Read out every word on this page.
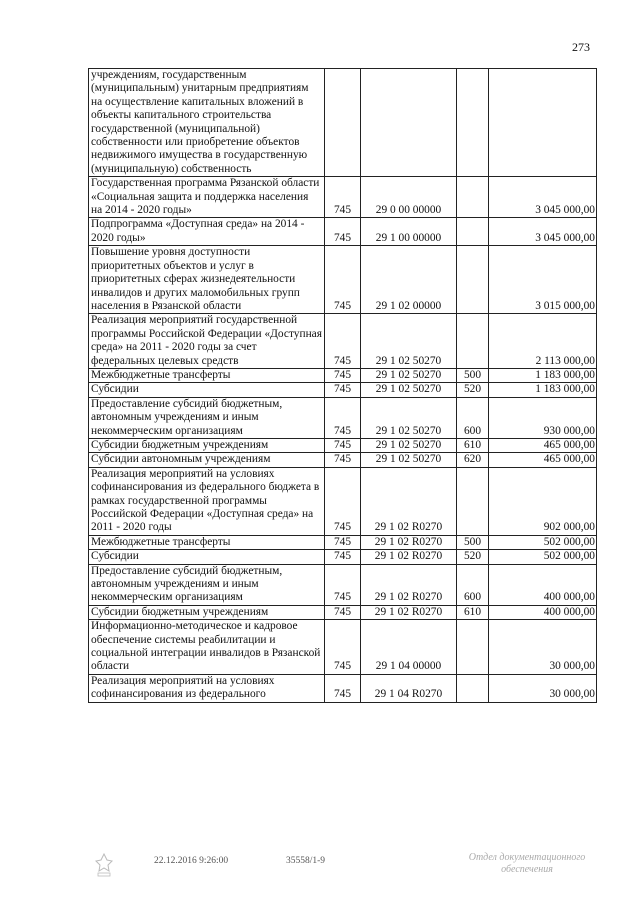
273
учреждениям, государственным (муниципальным) унитарным предприятиям на осуществление капитальных вложений в объекты капитального строительства государственной (муниципальной) собственности или приобретение объектов недвижимого имущества в государственную (муниципальную) собственность				
Государственная программа Рязанской области «Социальная защита и поддержка населения на 2014 - 2020 годы»	745	29 0 00 00000		3 045 000,00
Подпрограмма «Доступная среда» на 2014 - 2020 годы»	745	29 1 00 00000		3 045 000,00
Повышение уровня доступности приоритетных объектов и услуг в приоритетных сферах жизнедеятельности инвалидов и других маломобильных групп населения в Рязанской области	745	29 1 02 00000		3 015 000,00
Реализация мероприятий государственной программы Российской Федерации «Доступная среда» на 2011 - 2020 годы за счет федеральных целевых средств	745	29 1 02 50270		2 113 000,00
Межбюджетные трансферты	745	29 1 02 50270	500	1 183 000,00
Субсидии	745	29 1 02 50270	520	1 183 000,00
Предоставление субсидий бюджетным, автономным учреждениям и иным некоммерческим организациям	745	29 1 02 50270	600	930 000,00
Субсидии бюджетным учреждениям	745	29 1 02 50270	610	465 000,00
Субсидии автономным учреждениям	745	29 1 02 50270	620	465 000,00
Реализация мероприятий на условиях софинансирования из федерального бюджета в рамках государственной программы Российской Федерации «Доступная среда» на 2011 - 2020 годы	745	29 1 02 R0270		902 000,00
Межбюджетные трансферты	745	29 1 02 R0270	500	502 000,00
Субсидии	745	29 1 02 R0270	520	502 000,00
Предоставление субсидий бюджетным, автономным учреждениям и иным некоммерческим организациям	745	29 1 02 R0270	600	400 000,00
Субсидии бюджетным учреждениям	745	29 1 02 R0270	610	400 000,00
Информационно-методическое и кадровое обеспечение системы реабилитации и социальной интеграции инвалидов в Рязанской области	745	29 1 04 00000		30 000,00
Реализация мероприятий на условиях софинансирования из федерального	745	29 1 04 R0270		30 000,00
22.12.2016 9:26:00	35558/1-9	Отдел документационного обеспечения
